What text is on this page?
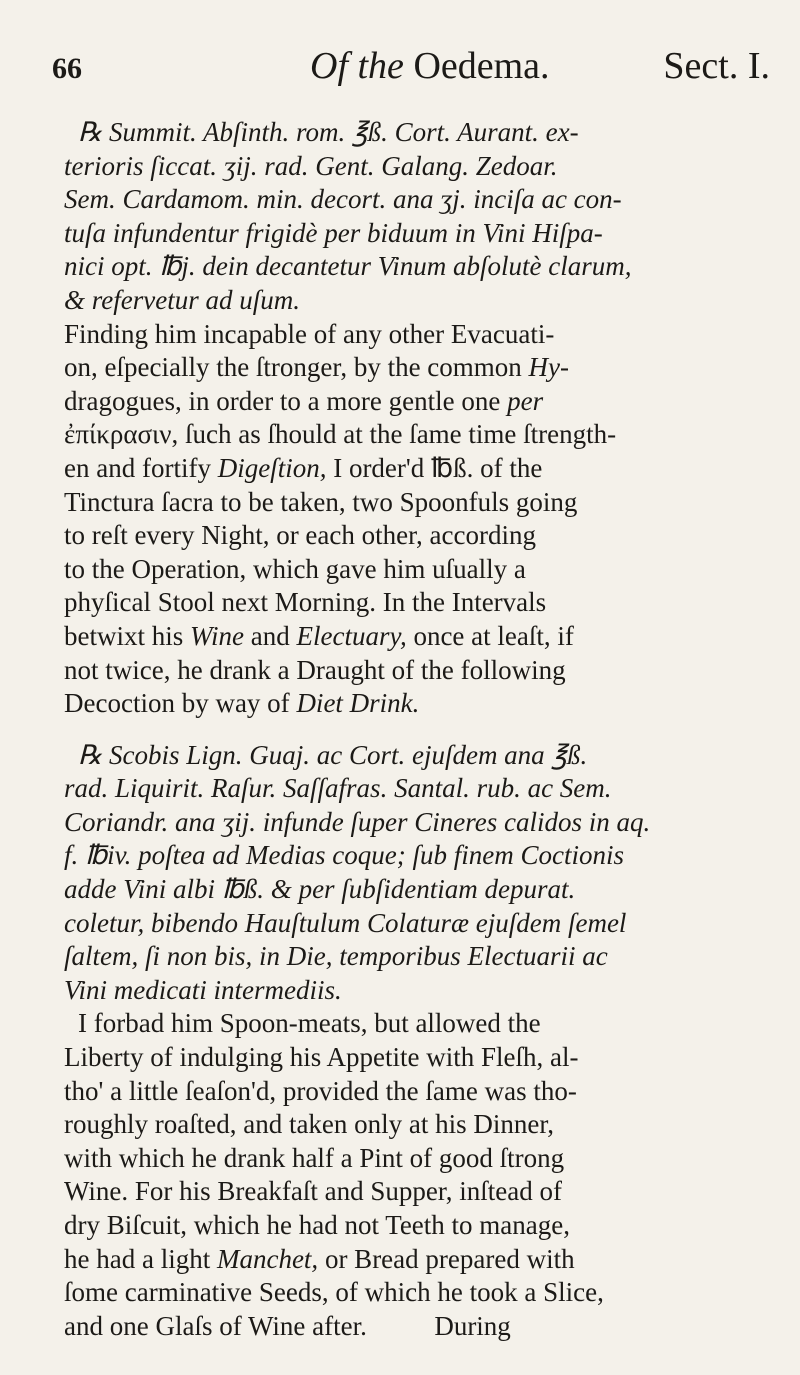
66	Of the Oedema.	Sect. I.
℞ Summit. Abſinth. rom. ℥ß. Cort. Aurant. ex-
terioris ſiccat. ʒij. rad. Gent. Galang. Zedoar.
Sem. Cardamom. min. decort. ana ʒj. inciſa ac con-
tuſa infundentur frigidè per biduum in Vini Hiſpa-
nici opt. ℔j. dein decantetur Vinum abſolutè clarum,
& refervetur ad uſum.
Finding him incapable of any other Evacuati-
on, eſpecially the ſtronger, by the common Hy-
dragogues, in order to a more gentle one per
ἐπίκρασιν, ſuch as ſhould at the ſame time ſtrength-
en and fortify Digeſtion, I order'd ℔ß. of the
Tinctura ſacra to be taken, two Spoonfuls going
to reſt every Night, or each other, according
to the Operation, which gave him uſually a
phyſical Stool next Morning. In the Intervals
betwixt his Wine and Electuary, once at leaſt, if
not twice, he drank a Draught of the following
Decoction by way of Diet Drink.
℞ Scobis Lign. Guaj. ac Cort. ejuſdem ana ℥ß.
rad. Liquirit. Raſur. Saſſafras. Santal. rub. ac Sem.
Coriandr. ana ʒij. infunde ſuper Cineres calidos in aq.
f. ℔iv. poſtea ad Medias coque; ſub finem Coctionis
adde Vini albi ℔ß. & per ſubſidentiam depurat.
coletur, bibendo Hauſtulum Colaturæ ejuſdem ſemel
ſaltem, ſi non bis, in Die, temporibus Electuarii ac
Vini medicati intermediis.
I forbad him Spoon-meats, but allowed the
Liberty of indulging his Appetite with Fleſh, al-
tho' a little ſeaſon'd, provided the ſame was tho-
roughly roaſted, and taken only at his Dinner,
with which he drank half a Pint of good ſtrong
Wine. For his Breakfaſt and Supper, inſtead of
dry Biſcuit, which he had not Teeth to manage,
he had a light Manchet, or Bread prepared with
ſome carminative Seeds, of which he took a Slice,
and one Glaſs of Wine after.          During
